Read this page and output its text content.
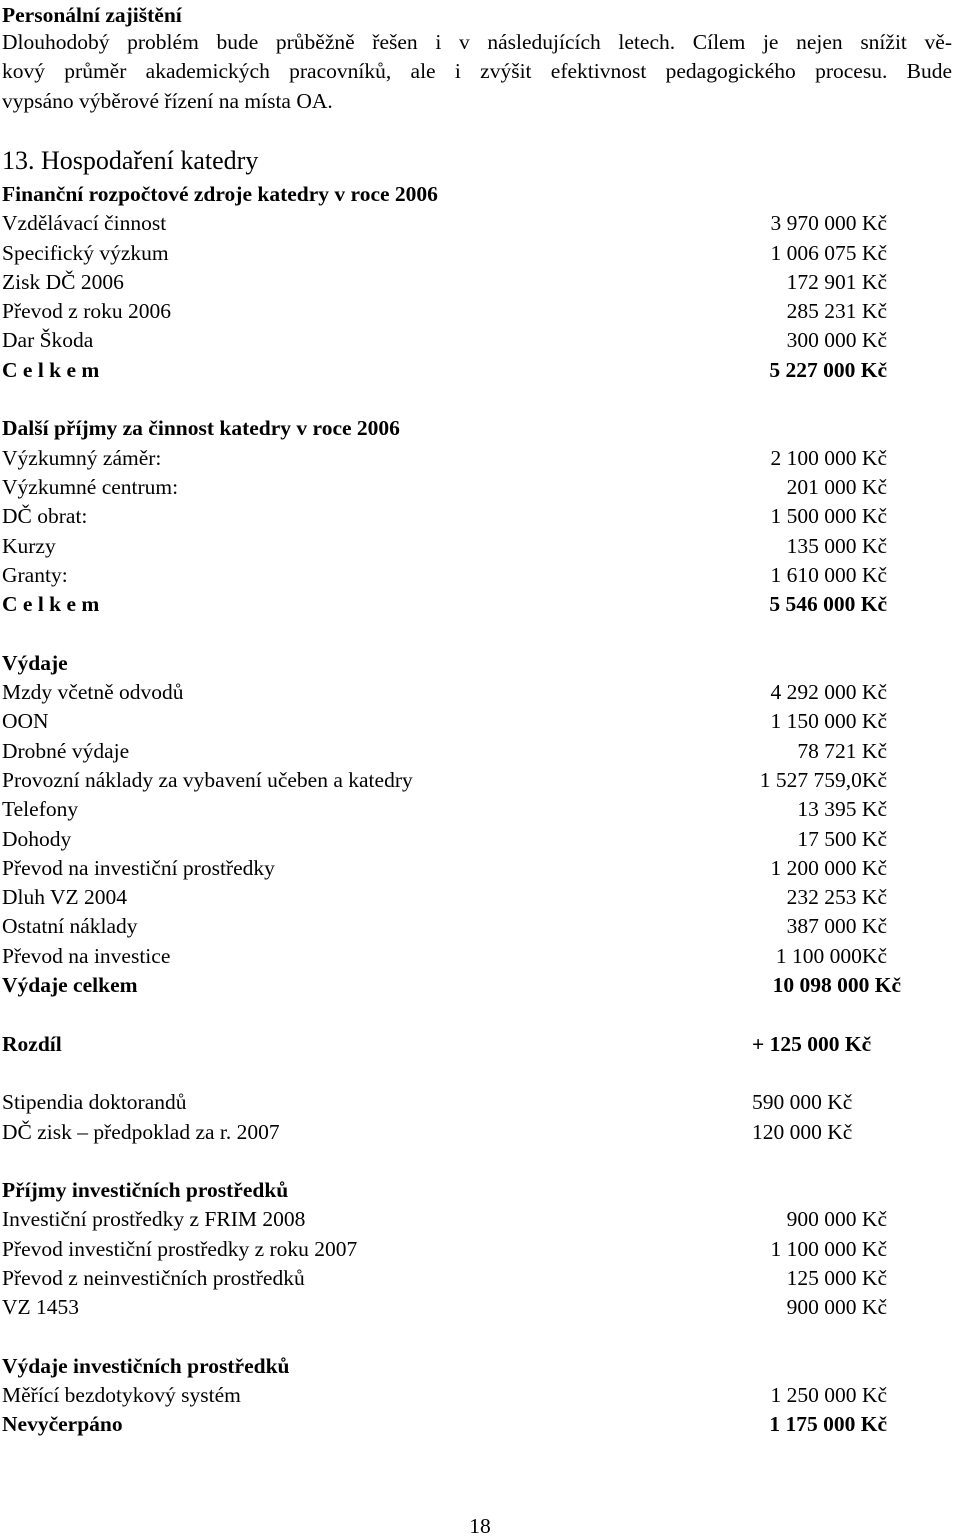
Personální zajištění
Dlouhodobý problém bude průběžně řešen i v následujících letech. Cílem je nejen snížit vě-
kový průměr akademických pracovníků, ale i zvýšit efektivnost pedagogického procesu. Bude
vypsáno výběrové řízení na místa OA.
13. Hospodaření katedry
Finanční rozpočtové zdroje katedry v roce 2006
Vzdělávací činnost	3 970 000 Kč
Specifický výzkum	1 006 075 Kč
Zisk DČ 2006	172 901 Kč
Převod z roku 2006	285 231 Kč
Dar Škoda	300 000 Kč
C e l k e m	5 227 000 Kč
Další příjmy za činnost katedry v roce 2006
Výzkumný záměr:	2 100 000 Kč
Výzkumné centrum:	201 000 Kč
DČ obrat:	1 500 000 Kč
Kurzy	135 000 Kč
Granty:	1 610 000 Kč
C e l k e m	5 546 000 Kč
Výdaje
Mzdy včetně odvodů	4 292 000 Kč
OON	1 150 000 Kč
Drobné výdaje	78 721 Kč
Provozní náklady za vybavení učeben a katedry	1 527 759,0Kč
Telefony	13 395 Kč
Dohody	17 500 Kč
Převod na investiční prostředky	1 200 000 Kč
Dluh VZ 2004	232 253 Kč
Ostatní náklady	387 000 Kč
Převod na investice	1 100 000Kč
Výdaje celkem	10 098 000 Kč
Rozdíl	+ 125 000 Kč
Stipendia doktorandů	590 000 Kč
DČ zisk – předpoklad za r. 2007	120 000 Kč
Příjmy investičních prostředků
Investiční prostředky z FRIM 2008	900 000 Kč
Převod investiční prostředky z roku 2007	1 100 000 Kč
Převod z neinvestičních prostředků	125 000 Kč
VZ 1453	900 000 Kč
Výdaje investičních prostředků
Měřící bezdotykový systém	1 250 000 Kč
Nevyčerpáno	1 175 000 Kč
18
